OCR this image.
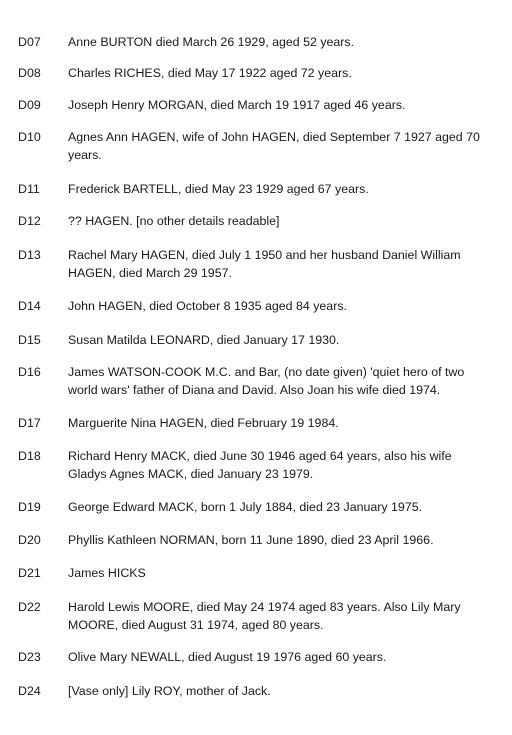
D07	Anne BURTON died March 26 1929, aged 52 years.
D08	Charles RICHES, died May 17 1922 aged 72 years.
D09	Joseph Henry MORGAN, died March 19 1917 aged 46 years.
D10	Agnes Ann HAGEN, wife of John HAGEN, died September 7 1927 aged 70 years.
D11	Frederick BARTELL, died May 23 1929 aged 67 years.
D12	?? HAGEN. [no other details readable]
D13	Rachel Mary HAGEN, died July 1 1950 and her husband Daniel William HAGEN, died March 29 1957.
D14	John HAGEN, died October 8 1935 aged 84 years.
D15	Susan Matilda LEONARD, died January 17 1930.
D16	James WATSON-COOK M.C. and Bar, (no date given) 'quiet hero of two world wars' father of Diana and David. Also Joan his wife died 1974.
D17	Marguerite Nina HAGEN, died February 19 1984.
D18	Richard Henry MACK, died June 30 1946 aged 64 years, also his wife Gladys Agnes MACK, died January 23 1979.
D19	George Edward MACK, born 1 July 1884, died 23 January 1975.
D20	Phyllis Kathleen NORMAN, born 11 June 1890, died 23 April 1966.
D21	James HICKS
D22	Harold Lewis MOORE, died May 24 1974 aged 83 years. Also Lily Mary MOORE, died August 31 1974, aged 80 years.
D23	Olive Mary NEWALL, died August 19 1976 aged 60 years.
D24	[Vase only] Lily ROY, mother of Jack.
